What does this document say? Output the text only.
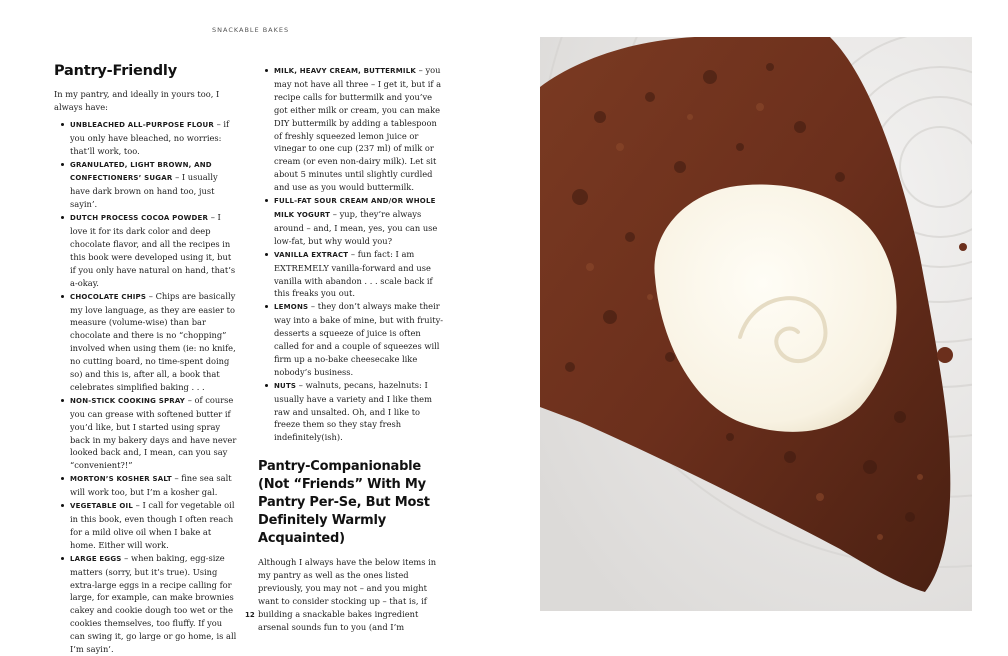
SNACKABLE BAKES
Pantry-Friendly

In my pantry, and ideally in yours too, I always have:

UNBLEACHED ALL-PURPOSE FLOUR – if you only have bleached, no worries: that’ll work, too.
GRANULATED, LIGHT BROWN, AND CONFECTIONERS’ SUGAR – I usually have dark brown on hand too, just sayin’.
DUTCH PROCESS COCOA POWDER – I love it for its dark color and deep chocolate flavor, and all the recipes in this book were developed using it, but if you only have natural on hand, that’s a-okay.
CHOCOLATE CHIPS – Chips are basically my love language, as they are easier to measure (volume-wise) than bar chocolate and there is no “chopping” involved when using them (ie: no knife, no cutting board, no time-spent doing so) and this is, after all, a book that celebrates simplified baking . . .
NON-STICK COOKING SPRAY – of course you can grease with softened butter if you’d like, but I started using spray back in my bakery days and have never looked back and, I mean, can you say “convenient?!”
MORTON’S KOSHER SALT – fine sea salt will work too, but I’m a kosher gal.
VEGETABLE OIL – I call for vegetable oil in this book, even though I often reach for a mild olive oil when I bake at home. Either will work.
LARGE EGGS – when baking, egg-size matters (sorry, but it’s true). Using extra-large eggs in a recipe calling for large, for example, can make brownies cakey and cookie dough too wet or the cookies themselves, too fluffy. If you can swing it, go large or go home, is all I’m sayin’.
MILK, HEAVY CREAM, BUTTERMILK – you may not have all three – I get it, but if a recipe calls for buttermilk and you’ve got either milk or cream, you can make DIY buttermilk by adding a tablespoon of freshly squeezed lemon juice or vinegar to one cup (237 ml) of milk or cream (or even non-dairy milk). Let sit about 5 minutes until slightly curdled and use as you would buttermilk.
FULL-FAT SOUR CREAM AND/OR WHOLE MILK YOGURT – yup, they’re always around – and, I mean, yes, you can use low-fat, but why would you?
VANILLA EXTRACT – fun fact: I am EXTREMELY vanilla-forward and use vanilla with abandon . . . scale back if this freaks you out.
LEMONS – they don’t always make their way into a bake of mine, but with fruity-desserts a squeeze of juice is often called for and a couple of squeezes will firm up a no-bake cheesecake like nobody’s business.
NUTS – walnuts, pecans, hazelnuts: I usually have a variety and I like them raw and unsalted. Oh, and I like to freeze them so they stay fresh indefinitely(ish).
Pantry-Companionable (Not “Friends” With My Pantry Per-Se, But Most Definitely Warmly Acquainted)

Although I always have the below items in my pantry as well as the ones listed previously, you may not – and you might want to consider stocking up – that is, if building a snackable bakes ingredient arsenal sounds fun to you (and I’m

12
